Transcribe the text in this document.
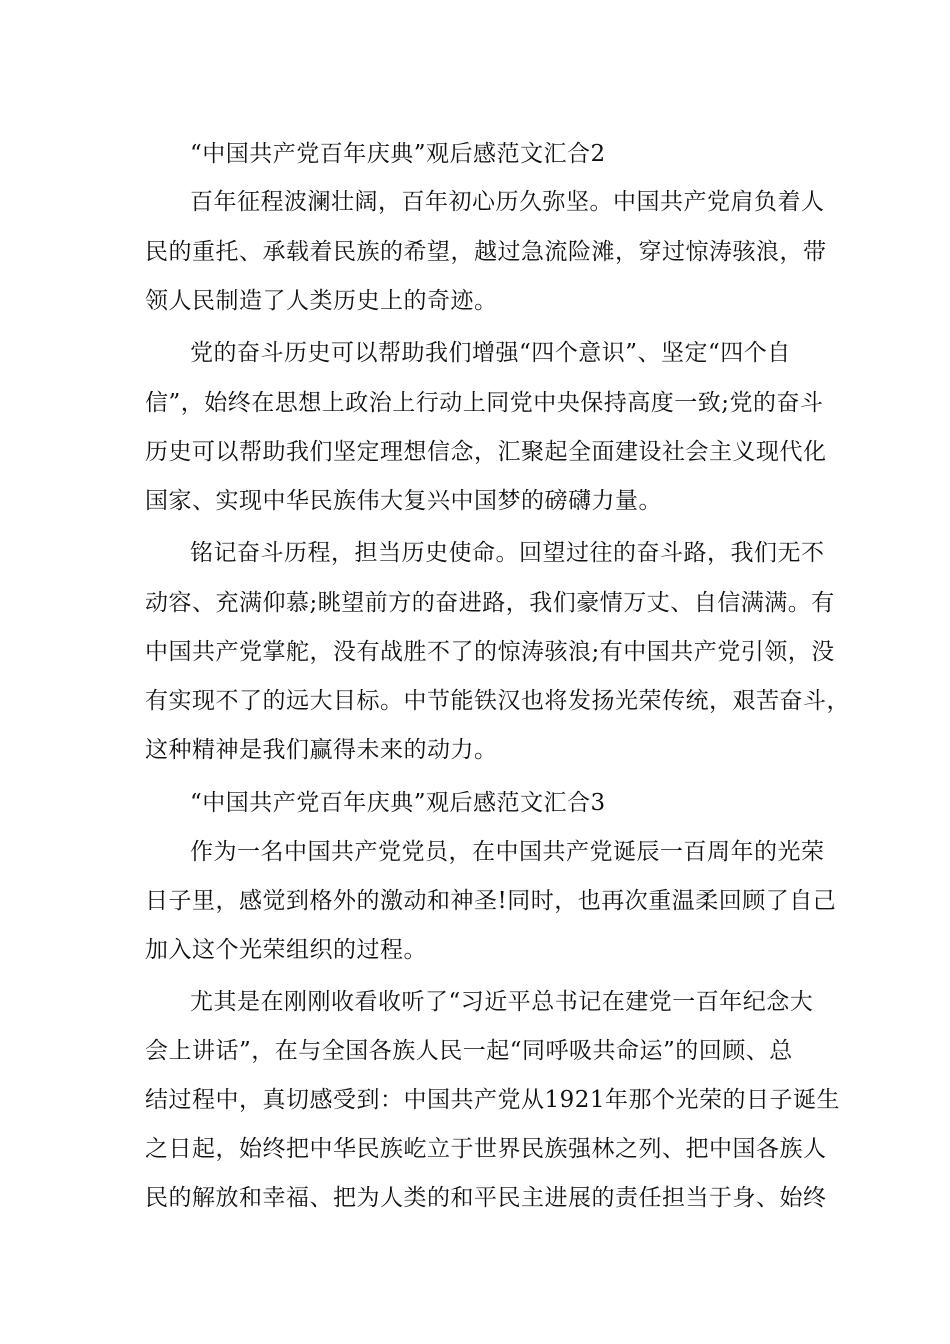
“中国共产党百年庆典”观后感范文汇合2
百年征程波澜壮阔，百年初心历久弥坚。中国共产党肩负着人
民的重托、承载着民族的希望，越过急流险滩，穿过惊涛骇浪，带
领人民制造了人类历史上的奇迹。
党的奋斗历史可以帮助我们增强“四个意识”、坚定“四个自
信”，始终在思想上政治上行动上同党中央保持高度一致;党的奋斗
历史可以帮助我们坚定理想信念，汇聚起全面建设社会主义现代化
国家、实现中华民族伟大复兴中国梦的磅礴力量。
铭记奋斗历程，担当历史使命。回望过往的奋斗路，我们无不
动容、充满仰慕;眺望前方的奋进路，我们豪情万丈、自信满满。有
中国共产党掌舵，没有战胜不了的惊涛骇浪;有中国共产党引领，没
有实现不了的远大目标。中节能铁汉也将发扬光荣传统，艰苦奋斗，
这种精神是我们赢得未来的动力。
“中国共产党百年庆典”观后感范文汇合3
作为一名中国共产党党员，在中国共产党诞辰一百周年的光荣
日子里，感觉到格外的激动和神圣!同时，也再次重温柔回顾了自己
加入这个光荣组织的过程。
尤其是在刚刚收看收听了“习近平总书记在建党一百年纪念大
会上讲话”，在与全国各族人民一起“同呼吸共命运”的回顾、总
结过程中，真切感受到：中国共产党从1921年那个光荣的日子诞生
之日起，始终把中华民族屹立于世界民族强林之列、把中国各族人
民的解放和幸福、把为人类的和平民主进展的责任担当于身、始终
